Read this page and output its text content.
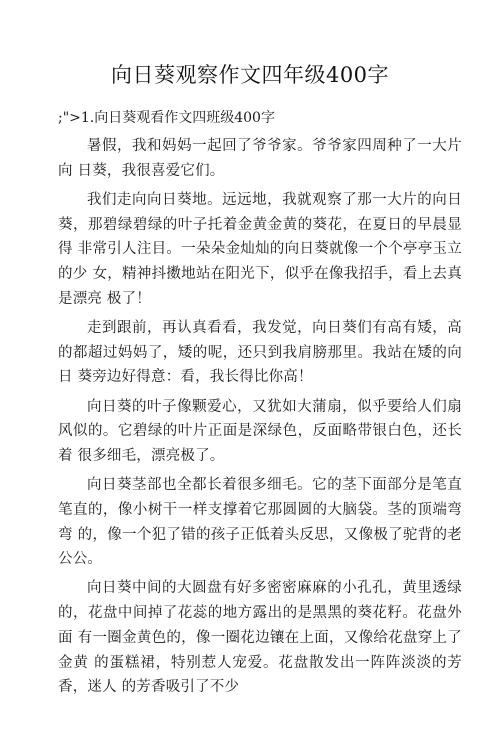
向日葵观察作文四年级400字
;">1.向日葵观看作文四班级400字

暑假，我和妈妈一起回了爷爷家。爷爷家四周种了一大片向 日葵，我很喜爱它们。

我们走向向日葵地。远远地，我就观察了那一大片的向日 葵，那碧绿碧绿的叶子托着金黄金黄的葵花，在夏日的早晨显得 非常引人注目。一朵朵金灿灿的向日葵就像一个个亭亭玉立的少 女，精神抖擞地站在阳光下，似乎在像我招手，看上去真是漂亮 极了！

走到跟前，再认真看看，我发觉，向日葵们有高有矮，高 的都超过妈妈了，矮的呢，还只到我肩膀那里。我站在矮的向日 葵旁边好得意：看，我长得比你高！

向日葵的叶子像颗爱心，又犹如大蒲扇，似乎要给人们扇 风似的。它碧绿的叶片正面是深绿色，反面略带银白色，还长着 很多细毛，漂亮极了。

向日葵茎部也全都长着很多细毛。它的茎下面部分是笔直 笔直的，像小树干一样支撑着它那圆圆的大脑袋。茎的顶端弯弯 的，像一个犯了错的孩子正低着头反思，又像极了驼背的老公公。

向日葵中间的大圆盘有好多密密麻麻的小孔孔，黄里透绿 的，花盘中间掉了花蕊的地方露出的是黑黑的葵花籽。花盘外面 有一圈金黄色的，像一圈花边镶在上面，又像给花盘穿上了金黄 的蛋糕裙，特别惹人宠爱。花盘散发出一阵阵淡淡的芳香，迷人 的芳香吸引了不少
